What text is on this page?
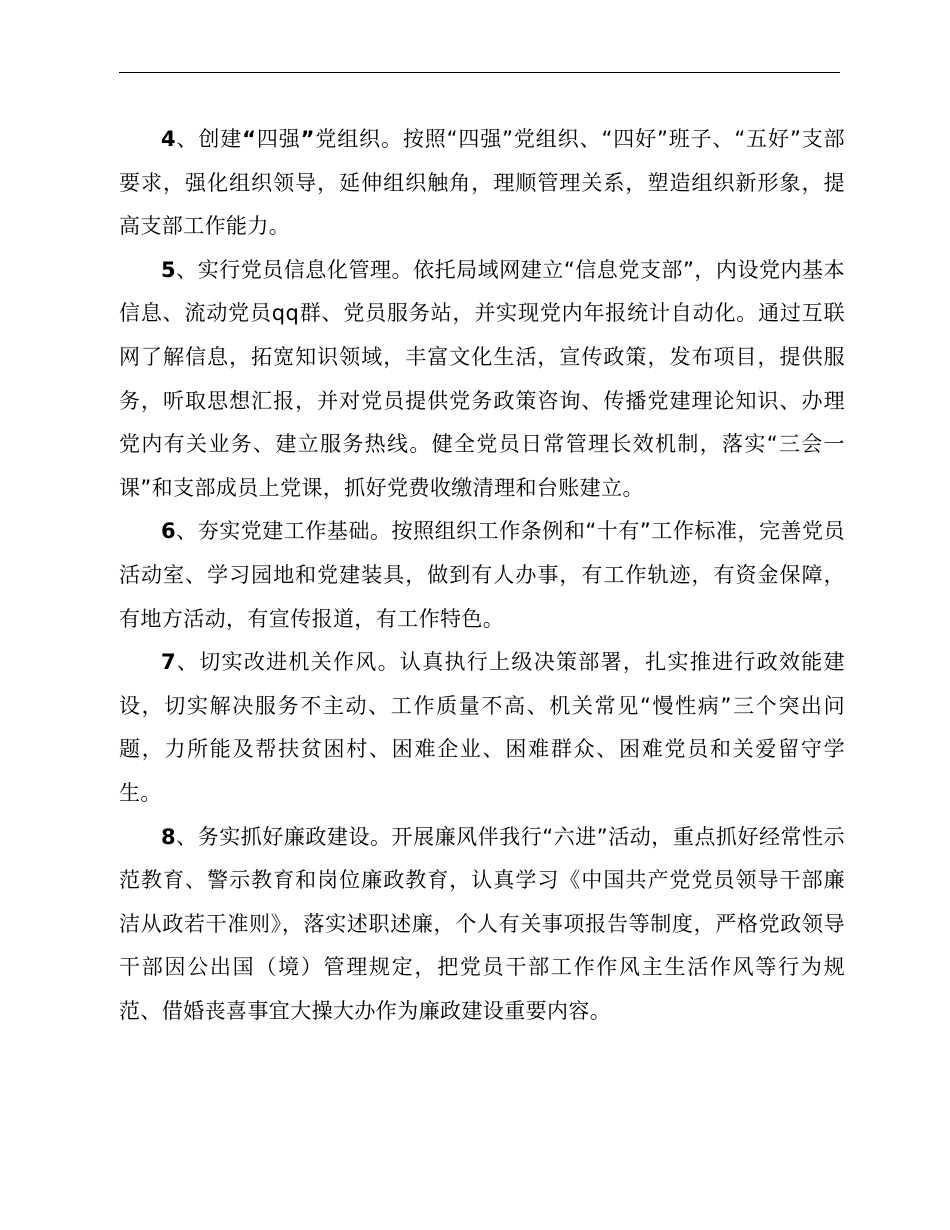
4、创建“四强”党组织。按照“四强”党组织、“四好”班子、“五好”支部要求，强化组织领导，延伸组织触角，理顺管理关系，塑造组织新形象，提高支部工作能力。

5、实行党员信息化管理。依托局域网建立“信息党支部”，内设党内基本信息、流动党员qq群、党员服务站，并实现党内年报统计自动化。通过互联网了解信息，拓宽知识领域，丰富文化生活，宣传政策，发布项目，提供服务，听取思想汇报，并对党员提供党务政策咨询、传播党建理论知识、办理党内有关业务、建立服务热线。健全党员日常管理长效机制，落实“三会一课”和支部成员上党课，抓好党费收缴清理和台账建立。

6、夯实党建工作基础。按照组织工作条例和“十有”工作标准，完善党员活动室、学习园地和党建装具，做到有人办事，有工作轨迹，有资金保障，有地方活动，有宣传报道，有工作特色。

7、切实改进机关作风。认真执行上级决策部署，扎实推进行政效能建设，切实解决服务不主动、工作质量不高、机关常见“慢性病”三个突出问题，力所能及帮扶贫困村、困难企业、困难群众、困难党员和关爱留守学生。

8、务实抓好廉政建设。开展廉风伴我行“六进”活动，重点抓好经常性示范教育、警示教育和岗位廉政教育，认真学习《中国共产党党员领导干部廉洁从政若干准则》，落实述职述廉，个人有关事项报告等制度，严格党政领导干部因公出国（境）管理规定，把党员干部工作作风主生活作风等行为规范、借婚丧喜事宜大操大办作为廉政建设重要内容。
